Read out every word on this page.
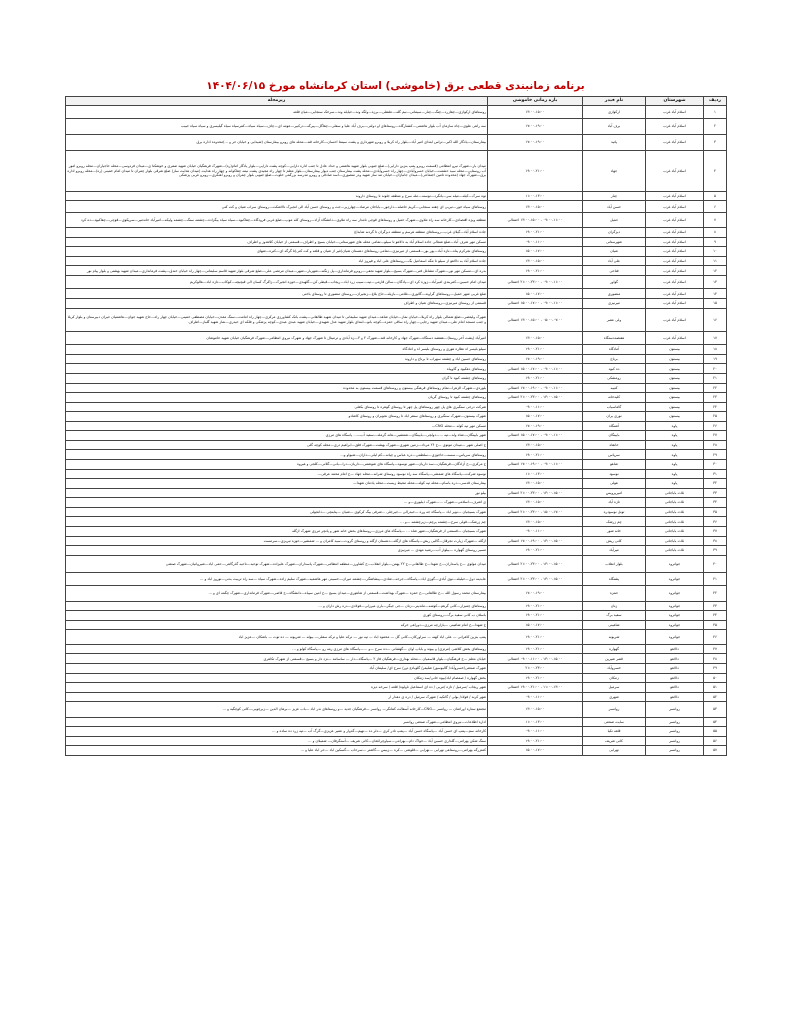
برنامه زمانبندی قطعی برق (خاموشی) استان کرمانشاه مورخ ۱۴۰۴/۰۶/۱۵
ردیف	شهرستان	نام فیدر	بازه زمانی خاموشی	زیرمحله
۱	اسلام آباد غرب	ارکوازی	۱۳:۰۰-۱۵:۰۰	روستاهای ارکوازی—چقازرد—چنگ—چنار—سیمانی—نیم گله—علنقلی—برزه—ولگه وند—حیایله وند—سرخک سنجابی—میان قلعه
۲	اسلام آباد غرب	برف آباد	۱۷:۰۰-۱۹:۰۰	سه راهی علوی—چاه سازمان آب بلوار هاشمی—کشتارگاه—روستاهای او دولتی—برف آباد علیا و سفلی—چقاگل—پیرگه—درکبیر—عومه ای—چاف—سیاه سیاه—کمرسیاه سیاه گیلیسری و سیاه سیاه حبیب
۳	اسلام آباد غرب	پاتید	۱۷:۰۰-۱۹:۰۰	بیمارستان—یادگار الله اکبر—تراس ابتدای امیر آباد—بلوار راه کربلا و روبرو شهرداری و پشت سینما احسان—کارخانه قند—محله های روبرو بیمارستان (شیدایی و خیابان حر و ...)محدوده اداره برق
۴	اسلام آباد غرب	جهاد	۱۹:۰۰-۲۱:۰۰	میدان بار—شهرک نیرو انتظامی (قسمت روبرو پمپ بنزین دارایی)—ضلع جنوبی بلوار شهید هاشمی و حداد عادل تا جنب اداره دارایی—کوچه پشت دارایی—بلوار یادگار امام(ره)—شهرک فرهنگیان خیابان شهید صفری و خوشکنا ی—میدان فردوسی—محله حاجیاران—محله روبرو امور آب روستایی—محله سید حشمت—خیابان خسروآبادی—چهار راه خسروآبادی—محله پشت بیمارستان جنب دیوار بیمارستان—بلوار معلم تا چهار راه مجیدی پشت نیمه چقاکوانه و چهار راه هدایت (میدان هدایت ساز) ضلع شرقی بلوار چمران تا میدان امام خمینی (ره)—محله روبرو اداره برق—شهرک جهاد (محدوده تامین اجتماعی)—میدان جانبازان—خیابان تند ساز شهید ودر منصوری—اسد صادقی و روبرو مدرسه بزرگمی خلوت—ضلع جنوبی بلوار چمران و روبرو آهنگری—روبرو غربی پزشکی
۵	اسلام آباد غرب	چنار	۱۱:۰۰-۱۳:۰۰	توه سرک—کیله—میله سر—بانگرد—توسنه—مله سرخ و منطقه جلوند تا روستای داروند
۶	اسلام آباد غرب	حسن آباد	۱۳:۰۰-۱۵:۰۰	روستاهای سیاه خور—تیربی ای چقته سنجابی—کریم حاصله—دارجور—باباخان مرصاد—چهارزبر—جت و روستای حسن آباد الی انجیرک تالاشکت—روستای سراب شیان و کت کتی
۷	اسلام آباد غرب	حمیل	۰۹:۰۰-۱۱:۰۰ - ۱۳:۰۰-۱۵:۰۰ احتمالی	منطقه ویژه اقتصادی—کارخانه سه راه ملاوی—شهرک حمیل و روستاهای قوچی نامدار سه راه ملاوی—دانشگاه آزاد—روستای کله موپ—ضلع غربی فرودگاه—چقاکبود—سیاه سیاه بیگزاده—چشمه سنگ—چشمه ولیکه—امیرآباد خاندمیر—سرپکوی—قوچی—چقاکبود—ده کرد
۸	اسلام آباد غرب	دیزگران	۱۹:۰۰-۲۱:۰۰	جاده اسلام آباد—گیلان غرب—روستاهای منطقه هرسم و منطقه دیزگران تا گردنه شابداغ
۹	اسلام آباد غرب	شهرستانی	۰۹:۰۰-۱۱:۰۰	مسکن مهر شرف آباد—ضلع شمالی جاده اسلام آباد به دالاهو تا سیلو—تمامی محله های شهرستانی—خیابان بسیج و اطراف—قسمتی از خیابان کلاهدوز و اطراف
۱۰	اسلام آباد غرب	شیان	۱۵:۰۰-۱۷:۰۰	روستاهای نجرکرم پناه—تازه آباد—پور بور—قسمتی از میرنیزی—تمامی روستاهای دهستان شیان(غیر از شیان و قلعه و کت کتی)تا گرگه ای—کنره—شهای
۱۱	اسلام آباد غرب	علی آباد	۱۳:۰۰-۱۵:۰۰	جاده اسلام آباد به دالاهو از سیلو تا تنگه اسماعیل بگ—روستاهای علی اباد و فیروز اباد
۱۲	اسلام آباد غرب	فتاحی	۱۹:۰۰-۲۱:۰۰	بدره ای—مسکن مهر نور—شهرک مشاغل فنی—شهرک بسیج—بلوار شهید نجفی—روبرو فرمانداری—پل زنگنه—شهربار—شهر—میدان مرتضی علی—ضلع شرقی بلوار شهید قاسم سلیمانی—چهار راه خیابان خندق—پشت فرمانداری—میدان شهید بهشتی و بلوار پیام نور
۱۳	اسلام آباد غرب	گواور	۰۹:۰۰-۱۱:۰۰ - ۲۱:۰۰-۲۳:۰۰ احتمالی	میدان امام حسین—کمربندی امیرآباد—زوزه کرد ای—پادگان—سالن قارمی—تپه—سیب زرد اباد—ریجاب—قیطی کن—گلهیدی—حوزه انجیرک—زاکرگ کسان الی قیچیچه—کوکاب—تازه اباد—هالوکریم
۱۴	اسلام آباد غرب	منصوری	۱۵:۰۰-۱۷:۰۰	ضلع غربی شهر حمیل—روستاهای گراوند—گائوری—غلامی—بازیله—حاج بلاغ—زنجیران—روستای منصوری تا روستای باخنی
۱۵	اسلام آباد غرب	میرنیزی	۰۹:۰۰-۱۱:۰۰ - ۱۵:۰۰-۱۷:۰۰ احتمالی	قسمتی از روستای میرنیزی—روستاهای شیان و اطراف
۱۶	اسلام آباد غرب	ولی عصر	۰۵:۰۰-۰۷:۰۰ - ۱۳:۰۰-۱۵:۰۰ احتمالی	شهرک ولیعصر—ضلع شمالی بلوار راه کربلا—خیابان نماز—خیابان شاهد—میدان شهید سلیمانی تا میدان شهید طالقانی—پشت بانک کشاورزی مرکزی—چهار راه امامت—سنگ معدن—خیابان مصطفی خمینی—خیابان چهار راه—حاج شهید جوان—هاشمیان حیران دبیرستان و بلوار کربلا و جنب مسجد امام علی—میدان شهید رجایی—چهار راه ساقی حمزه—کوچه بانو—ابتدای بلوار شهید عدل شهیدی—خیابان شهید عبدی عبدی—کوچه پزشکی و فلکه ای حیدری—نماز شهید گلباز—اطراف
۱۷	اسلام آباد غرب	هفتصددستگاه	۱۳:۰۰-۱۵:۰۰	امیرآباد (پشت آخر روستا)—هفتصد دستگاه—شهرک جهاد و کارخانه قند—شهرک ۲ و ۳—زه آبادی و ترمینال تا شهرک جهاد و شهرک نیروی انتظامی—شهرک فرهنگیان خیابان شهید خاموشان
۱۸	بیستون	آمادگاه	۱۹:۰۰-۲۱:۰۰	سیلو بلیسر اه نظاره هوری و روستای بلیسر اه و امادگاه
۱۹	بیستون	برناج	۱۷:۰۰-۱۹:۰۰	روستاهای حسین اباد و چشمه سهراب تا برناج و داروند
۲۰	بیستون	ده کبود	۰۹:۰۰-۱۱:۰۰ - ۱۵:۰۰-۱۷:۰۰ احتمالی	روستاهای دهکبود و گاوپیاه
۲۱	بیستون	رومشکی	۱۹:۰۰-۲۱:۰۰	روستاهای چشمه کبود تا گران
۲۲	بیستون	کتیبه	۰۹:۰۰-۱۱:۰۰ - ۱۷:۰۰-۱۹:۰۰ احتمالی	بلوردی—شهرک الزهرا—تمام روستاهای فرهنگی بیستون و روستاهای قسمت بیستون به محدوده
۲۳	بیستون	کلیدخانه	۱۳:۰۰-۱۵:۰۰ - ۲۱:۰۰-۲۳:۰۰ احتمالی	روستاهای چشمه کبود تا روستای گریان
۲۴	بیستون	گاماسیاب	۰۹:۰۰-۱۱:۰۰	شرکت درجی سنگبری های پل چهر روستاهای پل چهر تا روستای گوهره تا روستای بکعلی
۲۵	بیستون	نوری بران	۱۵:۰۰-۱۷:۰۰	شهرک بیستون—شهرک سنگبری و روستاهای سنقر اباد تا روستای نجوبران و روستای کاشادو
۲۶	پاوه	آشنگاه	۱۷:۰۰-۱۹:۰۰	مسکن مهر تپه کوله —محله CNG—
۲۷	پاوه	بایینگان	۰۹:۰۰-۱۱:۰۰ - ۱۵:۰۰-۱۷:۰۰ احتمالی	شهر بایینگان—شاه ولد—تپه ...—دولچی—بایینگان—شمشیر—هانه گرمله—سفید آب—... پاسگاه های مرزی
۲۸	پاوه	خانقاه	۱۳:۰۰-۱۵:۰۰	خ اصلی شهر —میدان موتوی —خ ۲۶ مرداد—زمین شهری—شهرک بهشت—شهرک فلق—ابراهیم دری—محله کوچه گلی
۲۹	پاوه	سرپاس	۱۹:۰۰-۲۱:۰۰	روستاهای سرپاس—سسه—حاجوزی—سلطنتی—دره عباس و چیانه—کم لیلی—داران—شیواو و...
۳۰	پاوه	شاهو	۰۹:۰۰-۱۱:۰۰ - ۱۷:۰۰-۱۹:۰۰ احتمالی	خ مرکزی—خ آزادگان—فرهنگیان—سد داریان—شهر نوسود—پاسگاه های شوشمی—داریان—درا—بانی—گلانی—کلجی و هیروه
۳۱	پاوه	نوسود	۱۱:۰۰-۱۳:۰۰	نوسود شرکت—پاسگاه های شمشی—پاسگاه سه راه نوسود روستای شرانه—محله جهاد —خ امام محمد عرفی—
۳۲	پاوه	هولی	۱۳:۰۰-۱۵:۰۰	بیمارستان قدسی—دره باسام—محله تپه کوله—محله محیط زیست—محله یادمان شهدا—
۳۳	ثلاث باباجانی	امیرپرویس	۱۳:۰۰-۱۵:۰۰ - ۲۱:۰۰-۲۳:۰۰ احتمالی	بیلو نور
۳۴	ثلاث باباجانی	تازه آباد	۱۳:۰۰-۱۵:۰۰	ی اشرف—اسلامی—شهرک ...—شهرک ذیلیوری—و ...
۳۵	ثلاث باباجانی	تونل نوسودره	۱۵:۰۰-۱۷:۰۰ - ۲۱:۰۰-۲۳:۰۰ احتمالی	شهرک بسیجیان —نوبر اباد —پاسگاه جه وره —حیدرالی —جیرجلی ...شرفی بیگ کرکوی —شیان —پنابنچی —دانجولی
۳۶	ثلاث باباجانی	چم زرشک	۱۳:۰۰-۱۵:۰۰	چم زرشک—قولی سرخ—چشمه پرچم—زیرچشمه —و ...
۳۷	ثلاث باباجانی	خانه شور	۰۹:۰۰-۱۱:۰۰	شهرک بسیجیان —قسمتی از فرهنگیان—شهر شاه ... —پاسگاه های مرزی—روستاهای بخش خانه شور و پانچر مرزی شهرک ازگله
۳۸	ثلاث باباجانی	کانی ریش	۱۳:۰۰-۱۵:۰۰ - ۱۷:۰۰-۱۹:۰۰ احتمالی	ازگله —شهرک زیارت تجرقاز—گالبی ریش—پاسگاه های ازگله—دهستان ازگله و روستای گروت—سید کامران و ... شمشیر—حوزه تبریزی—سرمست
۳۹	ثلاث باباجانی	میرآباد	۱۹:۰۰-۲۱:۰۰	مسیر روستای گهواره —بیلوار آب—رشید مهدی ... میرنیزی
۴۰	جوانرود	بلوار انقلاب	۱۳:۰۰-۱۵:۰۰ - ۲۱:۰۰-۲۳:۰۰ احتمالی	میدان مولوی —خ پاسداران—خ شهدا—خ طالقانی—خ ۲۲ بهمن—بلوار انقلاب—خ کشاورز—منطقه انتظامی—شهرک پاسداران—شهرک علیزاده—شهرک توحید—ناحیه گذرگاهی—حمی ایاد—شیروانیان—شهرک صنعتی
۴۱	جوانرود	پشنگاه	۱۳:۰۰-۱۵:۰۰ - ۲۱:۰۰-۲۳:۰۰ احتمالی	عابدینه دول—حیلیله—نوی آبادی—گوزی اباد—پاسگاه—جرجه—شادی—پیشاهنگی—چشمه میران—حسینی مهر هاشمیه—شهرک سلیم زاده—شهرک سیاه —سه راه تربیت بدنی—نوروز اباد و ...
۴۲	جوانرود	حمزه	۱۷:۰۰-۱۹:۰۰	بیمارستان محمد رسول الله —خ طالقانی—خ حمزه —شهرک بهداشت—قسمتی از شاهوری—میدان بسیج —خ امین سپیاه—دانشگاه—خ قاضی—شهرک فرمانداری—شهرک چگمه ای و ...
۴۳	جوانرود	زنان	۱۹:۰۰-۲۱:۰۰	روستاهای چمبزار—کانی گرهم—کوشه—ماندینر—زنان —جی جیگر—بارن میرزلی—فولادی—دره رش داران و ...
۴۴	جوانرود	سفید برگ	۱۹:۰۰-۲۱:۰۰	باسلان ب کانی سفید برگ—روستای کوری
۴۵	جوانرود	شاهینی	۱۵:۰۰-۱۷:۰۰	خ شهدا—خ امام شاهینی —بازارچه مرزی—دوراهی خرکه
۴۶	جوانرود	شریونه	۱۹:۰۰-۲۱:۰۰	پمپ بنزین کاهرانی — علی اباد کهنه — سراورکان—کانی گل — محمود اباد — تپه نور — ترکه علیا و ترکه سفلی— بیوله — شریونه — ده توت — باشکان —عزیز اباد
۴۷	دالاهو	گهواره	۱۹:۰۰-۲۱:۰۰	روستاهای بخش کلاشی (مرتزی) و بیوند و باباپ اوان —گهشانی —ده سرخ —و ...—پاسگاه های مرزی رمه رو —پاسگاه کولو و ...
۴۸	دالاهو	قصر شیرین	۱۳:۰۰-۱۵:۰۰ - ۰۹:۰۰-۱۱:۰۰ احتمالی	خیابان معلم —خ فرهنگیان—بلوار قاسمیان —محله بهداری—فرهنگیان فاز ۲ —پاسگاه—دار — ساسانند —نزد دار و بسیج —قسمتی از شهرک تکاهری
۴۹	دالاهو	خسروآباد	۲۱:۰۰-۲۳:۰۰	شهرک صنعتی/خسروآباد/ گالیوسور/ شلیمر/ گلوبادع دور/ سرخ ای/ سلیمان آباد
۵۰	دالاهو	زمکان	۱۹:۰۰-۲۱:۰۰	بخش گهواره / صمصام اباد/بیوه خانی/سد زمکان
۵۱	دالاهو	سرمیل	۱۱:۰۰-۱۳:۰۰ - ۱۹:۰۰-۲۱:۰۰ احتمالی	شهر ریجاب /سرمیل / تازه /مربی / ده ای اسماعیل ناولوه/ قلعه / سرخه دیزه
۵۲	دالاهو	شهری	۰۹:۰۰-۱۱:۰۰	شهر کرند / فولاد/ بولی / گانکیه / شهرک سرمیل / دره ی دهدار ار
۵۳	روانسر	روانسر	۱۳:۰۰-۱۵:۰۰	مجتمع ستاره اوراتمان — روانسر —CNG—کارخانه آسفالت کمانگر— روانسر —فرهنگیان جدید —و روستاهای ندر اباد —باب عزیز —برهان الدین —زیرچوبی—کانی کوچگیه و ...
۵۴	روانسر	سایت صنعتی	۱۱:۰۰-۱۳:۰۰	اداره اطلاعات—نیروی انتظامی—شهرک صنعتی روانسر
۵۵	روانسر	قلعه تکیا	۰۹:۰۰-۱۱:۰۰	کارخانه سم—پمپ ای حسن آباد —پاسگاه حسن آباد —پمپ نادر کری —دلر ده —نهیم—گدوار و عمیر عزیزی—گرگ آب —تپه زرد ده ساده و ...
۵۶	روانسر	کانی شریف	۱۹:۰۰-۲۱:۰۰	سنگ شکن بهرامی—گلداری حسین آباد —خواک دام—بهرامی—سیاوچراغعان—کانی شریف —آسنگرفان— شمیلان و ...
۵۷	روانسر	نهرابی	۱۵:۰۰-۱۷:۰۰	کمتزرگه بهرامی—روستاهی نهرابی —نهرابی —قلوشی —کره —زیبس —گاشتر —سرحاب —گسکین اباد —حر اباد علیا و ...
